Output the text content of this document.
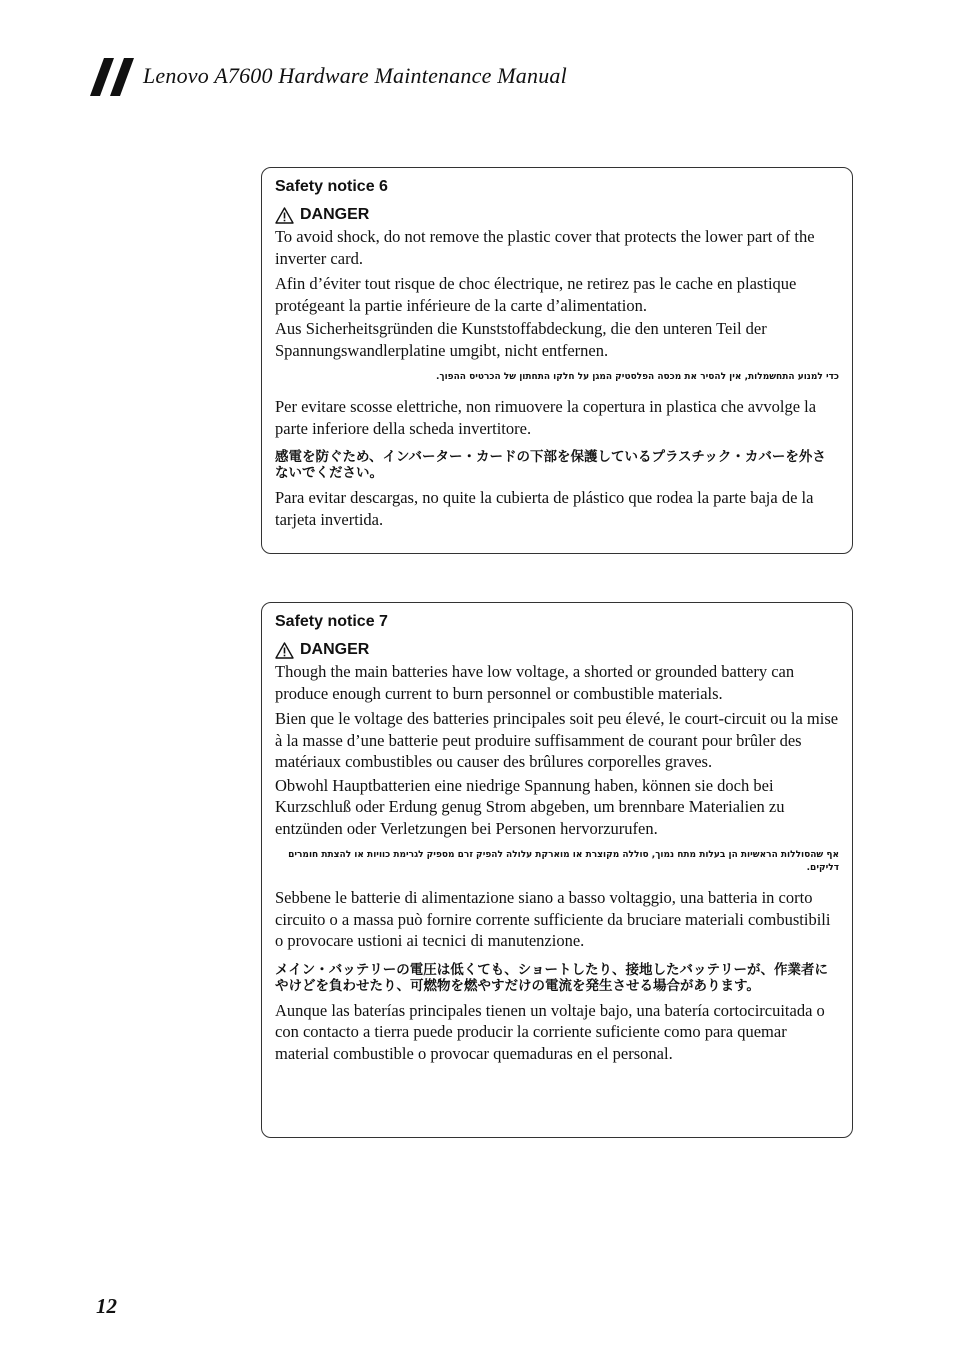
Lenovo A7600 Hardware Maintenance Manual
Safety notice 6
DANGER

To avoid shock, do not remove the plastic cover that protects the lower part of the inverter card.

Afin d’éviter tout risque de choc électrique, ne retirez pas le cache en plastique protégeant la partie inférieure de la carte d’alimentation.

Aus Sicherheitsgründen die Kunststoffabdeckung, die den unteren Teil der Spannungswandlerplatine umgibt, nicht entfernen.

כדי למנוע התחשמלות, אין להסיר את מכסה הפלסטיק המגן על חלקו התחתון של הכרטיס ההפוך.

Per evitare scosse elettriche, non rimuovere la copertura in plastica che avvolge la parte inferiore della scheda invertitore.

感電を防ぐため、インバーター・カードの下部を保護しているプラスチック・カバーを外さないでください。

Para evitar descargas, no quite la cubierta de plástico que rodea la parte baja de la tarjeta invertida.

Safety notice 7
DANGER

Though the main batteries have low voltage, a shorted or grounded battery can produce enough current to burn personnel or combustible materials.

Bien que le voltage des batteries principales soit peu élevé, le court-circuit ou la mise à la masse d’une batterie peut produire suffisamment de courant pour brûler des matériaux combustibles ou causer des brûlures corporelles graves.

Obwohl Hauptbatterien eine niedrige Spannung haben, können sie doch bei Kurzschluß oder Erdung genug Strom abgeben, um brennbare Materialien zu entzünden oder Verletzungen bei Personen hervorzurufen.

אף שהסוללות הראשיות הן בעלות מתח נמוך, סוללה מקוצרת או מוארקת עלולה להפיק זרם מספיק לגרימת כוויות או להצתת חומרים דליקים.

Sebbene le batterie di alimentazione siano a basso voltaggio, una batteria in corto circuito o a massa può fornire corrente sufficiente da bruciare materiali combustibili o provocare ustioni ai tecnici di manutenzione.

メイン・バッテリーの電圧は低くても、ショートしたり、接地したバッテリーが、作業者にやけどを負わせたり、可燃物を燃やすだけの電流を発生させる場合があります。

Aunque las baterías principales tienen un voltaje bajo, una batería cortocircuitada o con contacto a tierra puede producir la corriente suficiente como para quemar material combustible o provocar quemaduras en el personal.

12
